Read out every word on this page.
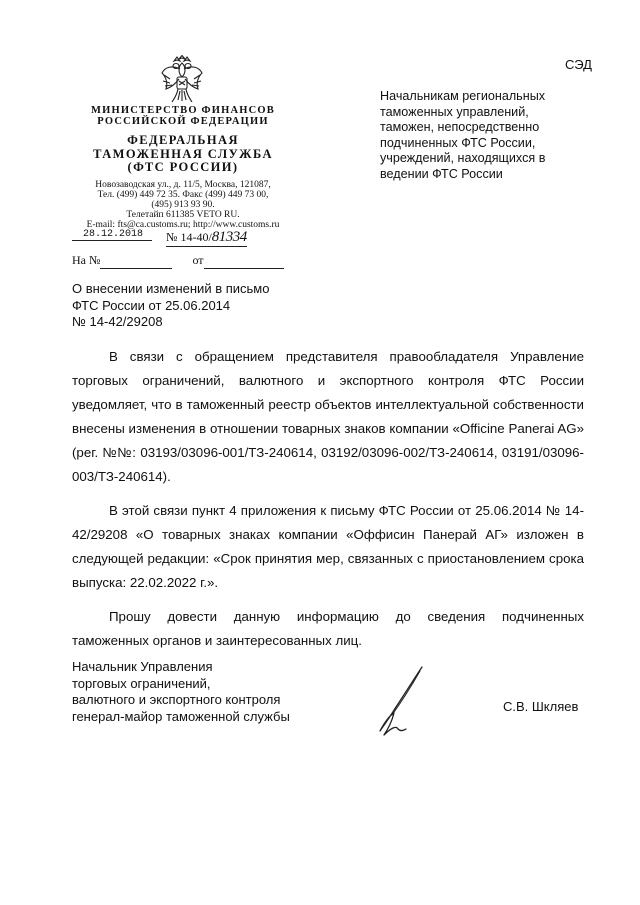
СЭД
МИНИСТЕРСТВО ФИНАНСОВ
РОССИЙСКОЙ ФЕДЕРАЦИИ
ФЕДЕРАЛЬНАЯ
ТАМОЖЕННАЯ СЛУЖБА
(ФТС РОССИИ)
Новозаводская ул., д. 11/5, Москва, 121087,
Тел. (499) 449 72 35. Факс (499) 449 73 00,
(495) 913 93 90.
Телетайп 611385 VETO RU.
E-mail: fts@ca.customs.ru; http://www.customs.ru
28.12.2018	№ 14-40/81334
На №	от
Начальникам региональных таможенных управлений, таможен, непосредственно подчиненных ФТС России, учреждений, находящихся в ведении ФТС России
О внесении изменений в письмо
ФТС России от 25.06.2014
№ 14-42/29208

В связи с обращением представителя правообладателя Управление торговых ограничений, валютного и экспортного контроля ФТС России уведомляет, что в таможенный реестр объектов интеллектуальной собственности внесены изменения в отношении товарных знаков компании «Officine Panerai AG» (рег. №№: 03193/03096-001/ТЗ-240614, 03192/03096-002/ТЗ-240614, 03191/03096-003/ТЗ-240614).

В этой связи пункт 4 приложения к письму ФТС России от 25.06.2014 № 14-42/29208 «О товарных знаках компании «Оффисин Панерай АГ» изложен в следующей редакции: «Срок принятия мер, связанных с приостановлением срока выпуска: 22.02.2022 г.».

Прошу довести данную информацию до сведения подчиненных таможенных органов и заинтересованных лиц.

Начальник Управления
торговых ограничений,
валютного и экспортного контроля
генерал-майор таможенной службы
С.В. Шкляев
